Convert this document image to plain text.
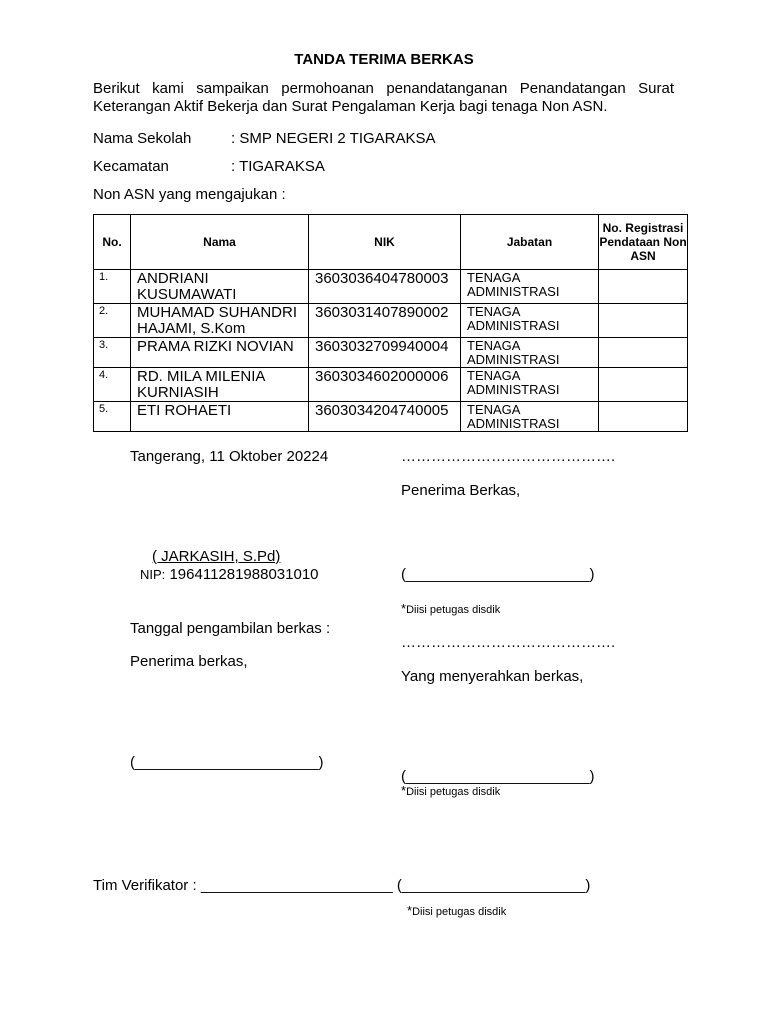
TANDA TERIMA BERKAS
Berikut kami sampaikan permohoanan penandatanganan Penandatangan Surat Keterangan Aktif Bekerja dan Surat Pengalaman Kerja bagi tenaga Non ASN.
Nama Sekolah	: SMP NEGERI 2 TIGARAKSA
Kecamatan	: TIGARAKSA
Non ASN yang mengajukan :
No.	Nama	NIK	Jabatan	No. Registrasi Pendataan Non ASN
1.	ANDRIANI KUSUMAWATI	3603036404780003	TENAGA ADMINISTRASI	
2.	MUHAMAD SUHANDRI HAJAMI, S.Kom	3603031407890002	TENAGA ADMINISTRASI	
3.	PRAMA RIZKI NOVIAN	3603032709940004	TENAGA ADMINISTRASI	
4.	RD. MILA MILENIA KURNIASIH	3603034602000006	TENAGA ADMINISTRASI	
5.	ETI ROHAETI	3603034204740005	TENAGA ADMINISTRASI	
Tangerang, 11 Oktober 20224	…………………………………….
Penerima Berkas,
( JARKASIH, S.Pd)
NIP: 196411281988031010	(______________________)
*Diisi petugas disdik
Tanggal pengambilan berkas :
…………………………………….
Penerima berkas,
Yang menyerahkan berkas,
(______________________)
(______________________)
*Diisi petugas disdik
Tim Verifikator : _______________________ (______________________)
*Diisi petugas disdik
